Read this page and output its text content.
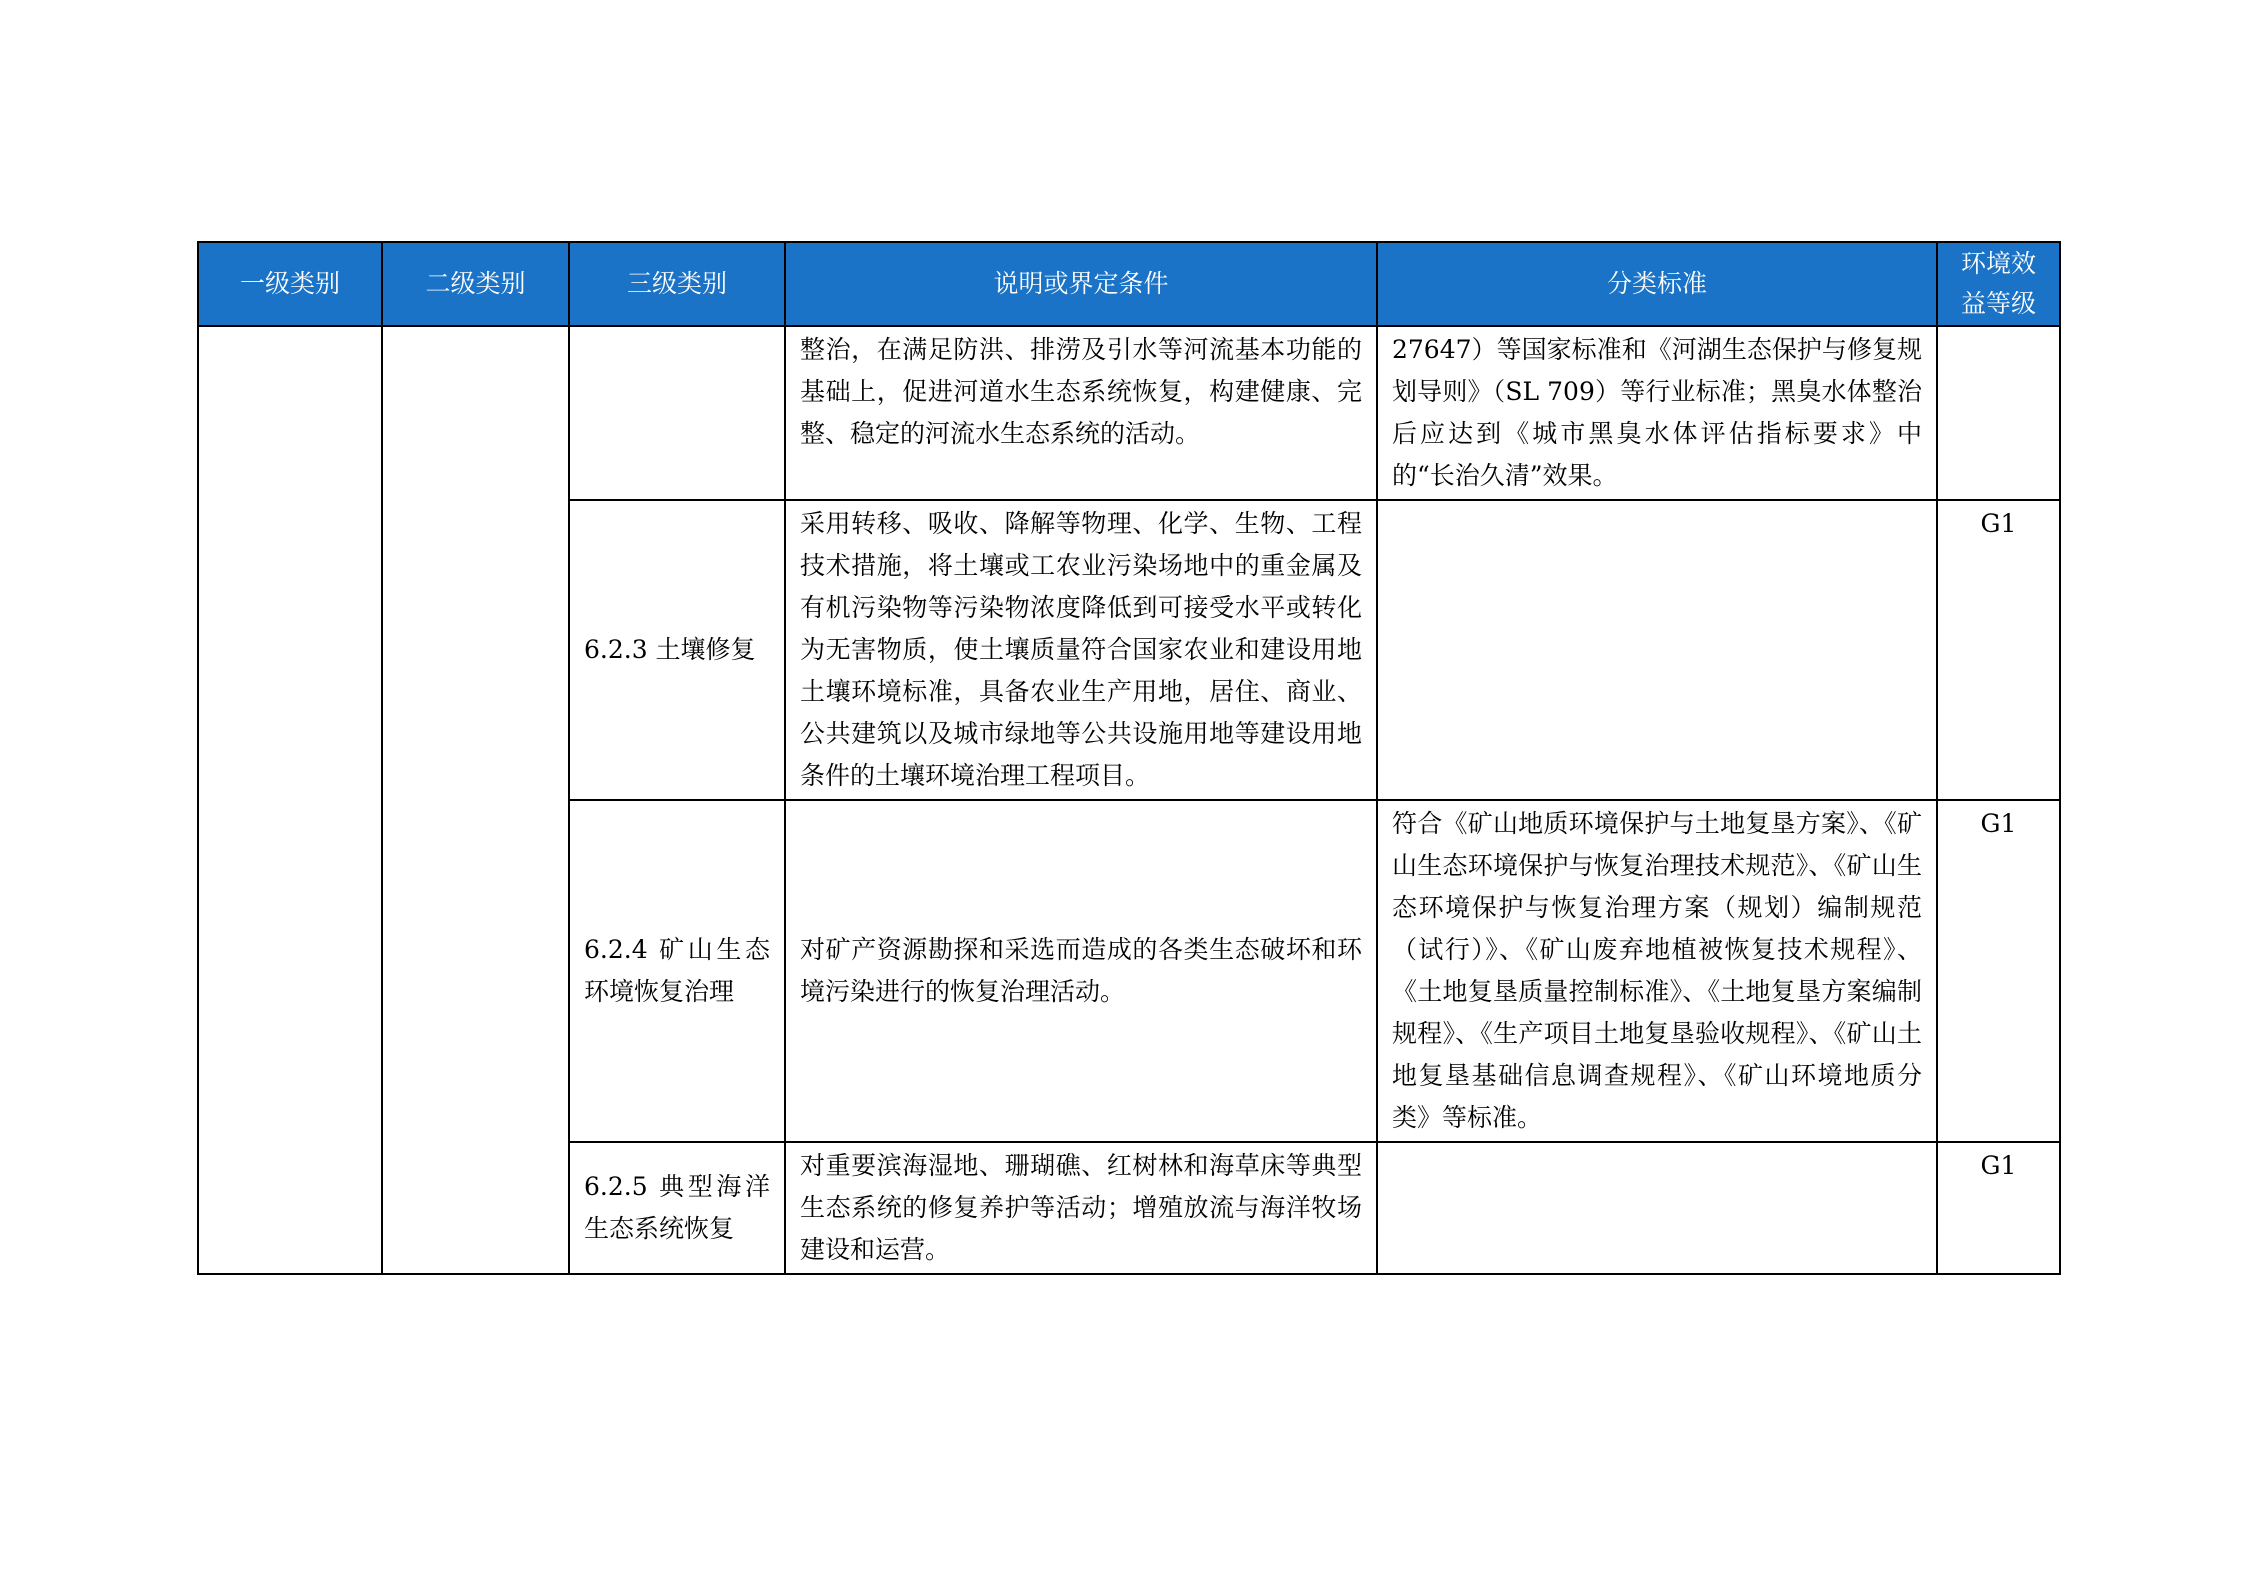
一级类别	二级类别	三级类别	说明或界定条件	分类标准	环境效益等级
			整治，在满足防洪、排涝及引水等河流基本功能的基础上，促进河道水生态系统恢复，构建健康、完整、稳定的河流水生态系统的活动。	27647）等国家标准和《河湖生态保护与修复规划导则》（SL 709）等行业标准；黑臭水体整治后应达到《城市黑臭水体评估指标要求》中的“长治久清”效果。	
		6.2.3 土壤修复	采用转移、吸收、降解等物理、化学、生物、工程技术措施，将土壤或工农业污染场地中的重金属及有机污染物等污染物浓度降低到可接受水平或转化为无害物质，使土壤质量符合国家农业和建设用地土壤环境标准，具备农业生产用地，居住、商业、公共建筑以及城市绿地等公共设施用地等建设用地条件的土壤环境治理工程项目。		G1
		6.2.4 矿山生态环境恢复治理	对矿产资源勘探和采选而造成的各类生态破坏和环境污染进行的恢复治理活动。	符合《矿山地质环境保护与土地复垦方案》、《矿山生态环境保护与恢复治理技术规范》、《矿山生态环境保护与恢复治理方案（规划）编制规范（试行）》、《矿山废弃地植被恢复技术规程》、《土地复垦质量控制标准》、《土地复垦方案编制规程》、《生产项目土地复垦验收规程》、《矿山土地复垦基础信息调查规程》、《矿山环境地质分类》等标准。	G1
		6.2.5 典型海洋生态系统恢复	对重要滨海湿地、珊瑚礁、红树林和海草床等典型生态系统的修复养护等活动；增殖放流与海洋牧场建设和运营。		G1
